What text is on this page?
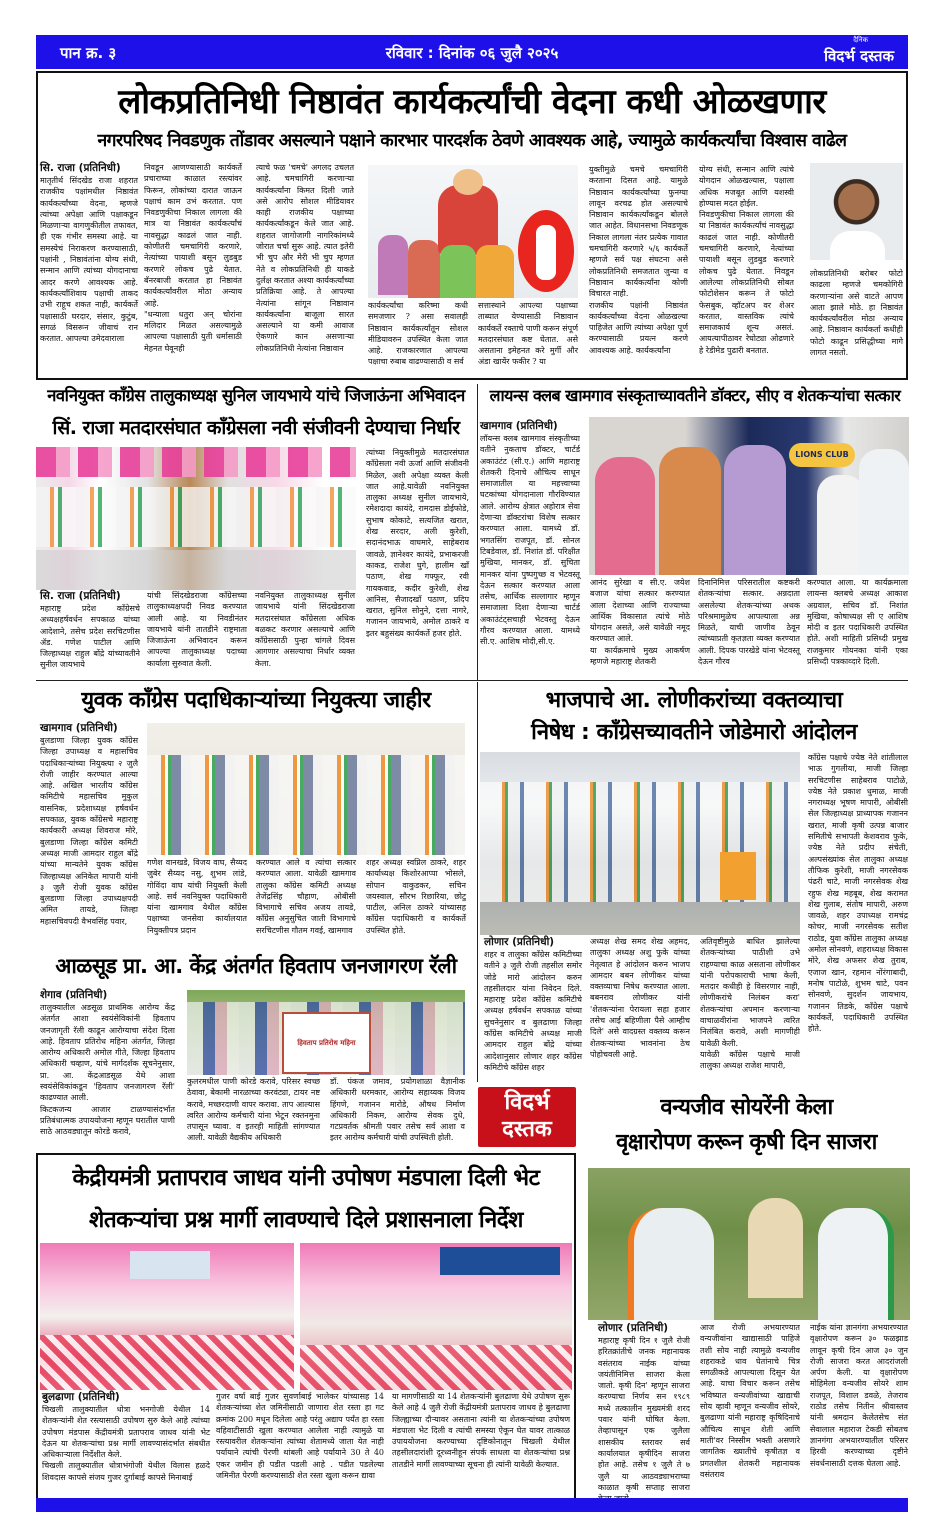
पान क्र. ३	रविवार : दिनांक ०६ जुलै २०२५
दैनिक
विदर्भ दस्तक
लोकप्रतिनिधी निष्ठावंत कार्यकर्त्यांची वेदना कधी ओळखणार
नगरपरिषद निवडणुक तोंडावर असल्याने पक्षाने कारभार पारदर्शक ठेवणे आवश्यक आहे, ज्यामुळे कार्यकर्त्यांचा विश्वास वाढेल
सि. राजा (प्रतिनिधी)
मातृतीर्थ सिंदखेड राजा शहरात राजकीय पक्षांमधील निष्ठावंत कार्यकर्त्यांच्या वेदना, म्हणजे त्यांच्या अपेक्षा आणि पक्षाकडून मिळणाऱ्या वागणुकीतील तफावत, ही एक गंभीर समस्या आहे. या समस्येचं निराकरण करण्यासाठी, पक्षांनी , निष्ठावंतांना योग्य संधी, सन्मान आणि त्यांच्या योगदानाचा आदर करणे आवश्यक आहे. कार्यकर्त्यांशिवाय पक्षाची ताकद उभी राहूच शकत नाही, कार्यकर्ते पक्षासाठी घरदार, संसार, कुटुंब, सगळं विसरून जीवाचं रान करतात. आपल्या उमेदवाराला
निवडून आणण्यासाठी कार्यकर्ते प्रचाराच्या काळात रस्त्यांवर फिरून, लोकांच्या दारात जाऊन पक्षाचं काम उभं करतात. पण निवडणुकीचा निकाल लागला की मात्र या निष्ठावंत कार्यकर्त्यांचं नावसुद्धा काढलं जात नाही. कोणीतरी चमचागिरी करणारे, नेत्यांच्या पायाशी बसून लुडबुड करणारे लोकच पुढे येतात. बॅनरबाजी करतात हा निष्ठावंत कार्यकर्त्यांवरील मोठा अन्याय आहे.
"धन्याला धतुरा अन् चोरांना मलिदार मिळत असल्यामुळे आपल्या पक्षासाठी युती धर्मासाठी मेहनत घेवूनही
त्याचे फळ 'चमचे' अगलद उचलत आहे. चमचागिरी करणाऱ्या कार्यकर्त्यांना किमत दिली जाते असे आरोप सोशल मीडियावर काही राजकीय पक्षाच्या कार्यकर्त्यांकडून केले जात आहे. शहरात जागोजागी नागरिकांमध्ये जोरात चर्चा सुरू आहे. त्यात इतेरी भी चुप और मेरी भी चुप म्हणत नेते व लोकप्रतिनिधी ही याकडे दुर्लक्ष करतात अश्या कार्यकर्त्यांच्या प्रतिक्रिया आहे. ते आपल्या नेत्यांना सांगून निष्ठावान कार्यकर्त्यांना बाजूला सारत असल्याने या कमी आवाज ऐकणारे कान असणाऱ्या लोकप्रतिनिधी नेत्यांना निष्ठावान
कार्यकर्त्यांचा करिष्मा कधी समजणार ? असा सवालही निष्ठावान कार्यकर्त्यांतून सोशल मीडियावरुन उपस्थित केला जात आहे. राजकारणात आपल्या पक्षाचा रुबाब वाढण्यासाठी व सर्व
सत्तास्थाने आपल्या पक्षाच्या ताब्यात येण्यासाठी निष्ठावान कार्यकर्ते रक्ताचे पाणी करून संपूर्ण मतदारसंघात कष्ट घेतात. असे असताना इमेहनत करे मुर्गी और अंडा खायेंर फकीर ? या
युक्तीमुळे चमचे चमचागिरी करताना दिसत आहे. यामुळे निष्ठावान कार्यकर्त्यांच्या फुनग्या लावून वरचढ होत असल्याचे निष्ठावान कार्यकर्त्यांकडून बोलले जात आहेत. विधानसभा निवडणूक निकाल लागला नंतर प्रत्येक गावात चमचागिरी करणारे ५/६ कार्यकर्ते म्हणजे सर्व पक्ष संघटना असे लोकप्रतिनिधी समजतात जुन्या व निष्ठावान कार्यकर्त्यांना कोणी विचारत नाही.
राजकीय पक्षांनी निष्ठावंत कार्यकर्त्यांच्या वेदना ओळखल्या पाहिजेत आणि त्यांच्या अपेक्षा पूर्ण करण्यासाठी प्रयत्न करणे आवश्यक आहे. कार्यकर्त्यांना
योग्य संधी, सन्मान आणि त्यांचे योगदान ओळखल्यास, पक्षाला अधिक मजबूत आणि यशस्वी होण्यास मदत होईल.
निवडणुकीचा निकाल लागला की या निष्ठावंत कार्यकर्त्यांचं नावसुद्धा काढलं जात नाही. कोणीतरी चमचागिरी करणारे, नेत्यांच्या पायाशी बसून लुडबुड करणारे लोकच पुढे येतात. निवडून आलेल्या लोकप्रतिनिधी सोबत फोटोशेसन करून ते फोटो फेसबुक, व्हॉटअप वर शेअर करतात, वास्तविक त्यांचे समाजकार्य शून्य असतं. आयत्यापीठावर रेघोट्या ओढणारे हे रेडीमेड पुढारी बनतात.
लोकप्रतिनिधी बरोबर फोटो काढला म्हणजे चमकोगिरी करणाऱ्यांना असे वाटते आपण आता झाले मोठे. हा निष्ठावंत कार्यकर्त्यांवरील मोठा अन्याय आहे. निष्ठावान कार्यकर्ता कधीही फोटो काढून प्रसिद्धीच्या मागे लागत नसतो.
नवनियुक्त काँग्रेस तालुकाध्यक्ष सुनिल जायभाये यांचे जिजाऊंना अभिवादन
सिं. राजा मतदारसंघात काँग्रेसला नवी संजीवनी देण्याचा निर्धार
सि. राजा (प्रतिनिधी)
महाराष्ट्र प्रदेश काँग्रेसचे अध्यक्षहर्षवर्धन सपकाळ यांच्या आदेशाने, तसेच प्रदेश सरचिटणीस ॲड. गणेश पाटील आणि जिल्हाध्यक्ष राहुल बोंद्रे यांच्यावतीने सुनील जायभाये
यांची सिंदखेडराजा काँग्रेसच्या तालुकाध्यक्षपदी निवड करण्यात आली आहे. या निवडीनंतर जायभाये यांनी तातडीने राष्ट्रमाता जिजाऊंना अभिवादन करून आपल्या तालुकाध्यक्ष पदाच्या कार्याला सुरुवात केली.
नवनियुक्त तालुकाध्यक्ष सुनील जायभाये यांनी सिंदखेडराजा मतदारसंघात काँग्रेसला अधिक बळकट करणार असल्याचे आणि काँग्रेससाठी पुन्हा चांगले दिवस आगणार असल्याचा निर्धार व्यक्त केला.
त्यांच्या नियुक्तीमुळे मतदारसंघात काँग्रेसला नवी ऊर्जा आणि संजीवनी मिळेल, अशी अपेक्षा व्यक्त केली जात आहे.यावेळी नवनियुक्त तालुका अध्यक्ष सुनील जायभाये, रमेशदादा कायंदे, रामदास डोईफोडे, सुभाष कोकाटे, सत्यजित खरात, शेख सरदार, अली कुरेशी, सदानंदभाऊ वाघमारे, साहेबराव जावळे, ज्ञानेश्वर कायंदे, प्रभाकरजी काकड, राजेश घुगे, हालीम खाँ पठाण, शेख गफ्फूर, रवी गायकवाड, कदीर कुरेशी, शेख आनिस, सैजादखाँ पठाण, प्रदिप खरात, सुनिल सोनुने, दत्ता नागरे, गजानन जायभाये, अमोल ठाकरे व इतर बहुसंख्य कार्यकर्ते हजर होते.
लायन्स क्लब खामगाव संस्कृताच्यावतीने डॉक्टर, सीए व शेतकऱ्यांचा सत्कार
खामगाव (प्रतिनिधी)
लॉयन्स क्लब खामगाव संस्कृतीच्या वतीने नुकताच डॉक्टर, चार्टर्ड अकाउंटंट (सी.ए.) आणि महाराष्ट्र शेतकरी दिनाचे औचित्य साधून समाजातील या महत्त्वाच्या घटकांच्या योगदानाला गौरविण्यात आले. आरोग्य क्षेत्रात अहोरात्र सेवा देणाऱ्या डॉक्टरांचा विशेष सत्कार करण्यात आला. यामध्ये डॉ. भगतसिंग राजपूत, डॉ. सोनल टिबडेवाल, डॉ. निशांत डॉ. परिक्षीत मुखिया, मानकर, डॉ. सुचिता मानकर यांना पुष्पगुच्छ व भेटवस्तू देऊन सत्कार करण्यात आला तसेच, आर्थिक सल्लागार म्हणून समाजाला दिशा देणाऱ्या चार्टर्ड अकाउंटंट्सचाही भेटवस्तु देऊन गौरव करण्यात आला. यामध्ये सी.ए. आशिष मोदी,सी.ए.
LIONS CLUB
आनंद सुरेखा व सी.ए. जयेश बजाज यांचा सत्कार करण्यात आला देशाच्या आणि राज्याच्या आर्थिक विकासात त्यांचे मोठे योगदान असते, असे यावेळी नमूद करण्यात आले.
या कार्यक्रमाचे मुख्य आकर्षण म्हणजे महाराष्ट्र शेतकरी
दिनानिमित्त परिसरातील कष्टकरी शेतकऱ्यांचा सत्कार. अन्नदाता असलेल्या शेतकऱ्यांच्या अथक परिश्रमामुळेच आपल्याला अन्न मिळते, याची जाणीव ठेवून त्यांच्याप्रती कृतज्ञता व्यक्त करण्यात आली. दिपक पारखेडे यांना भेटवस्तू देऊन गौरव
करण्यात आला. या कार्यक्रमाला लायन्स क्लबचे अध्यक्ष आकाश अग्रवाल, सचिव डॉ. निशांत मुखिया, कोषाध्यक्ष सी ए आशिष मोदी व इतर पदाधिकारी उपस्थित होते. अशी माहिती प्रसिध्दी प्रमुख राजकुमार गोयनका यांनी एका प्रसिध्दी पत्रकाव्दारे दिली.
युवक काँग्रेस पदाधिकाऱ्यांच्या नियुक्त्या जाहीर
खामगाव (प्रतिनिधी)
बुलडाणा जिल्हा युवक काँग्रेस जिल्हा उपाध्यक्ष व महासचिव पदाधिकाऱ्यांच्या नियुक्त्या २ जुलै रोजी जाहीर करण्यात आल्या आहे. अखिल भारतीय काँग्रेस कमिटीचे महासचिव मुकुल वासनिक, प्रदेशाध्यक्ष हर्षवर्धन सपकाळ, युवक काँग्रेसचे महाराष्ट्र कार्यकारी अध्यक्ष शिवराज मोरे, बुलडाणा जिल्हा काँग्रेस कमिटी अध्यक्ष माजी आमदार राहुल बोंद्रे यांच्या मान्यतेने युवक काँग्रेस जिल्हाध्यक्ष अनिकेत मापारी यांनी ३ जुलै रोजी युवक काँग्रेस बुलडाणा जिल्हा उपाध्यक्षपदी अमित तायडे, जिल्हा महासचिवपदी वैभवसिंह पवार,
गणेश वानखडे, विजय वाघ, सैय्यद जुबेर सैय्यद नसु, शुभम लांडे, गोविंदा वाघ यांची नियुक्ती केली आहे. सर्व नवनियुक्त पदाधिकारी यांना खामगाव येथील काँग्रेस पक्षाच्या जनसेवा कार्यालयात नियुक्तीपत्र प्रदान
करण्यात आले व त्यांचा सत्कार करण्यात आला. यावेळी खामगाव तालुका काँग्रेस कमिटी अध्यक्ष तेजेंद्रसिंह चौहाण, ओबीसी विभागाचे सचिव अजय तायडे, काँग्रेस अनुसुचित जाती विभागाचे सरचिटणीस गौतम गवई, खामगाव
शहर अध्यक्ष स्वप्निल ठाकरे, शहर कार्याध्यक्ष किशोरआप्पा भोसले, सोपान वाकुडकर, सचिन जयस्वाल, सौरभ रिछारिया, छोटु पाटील, अनिल ठाकरे यांच्यासह काँग्रेस पदाधिकारी व कार्यकर्ते उपस्थित होते.
भाजपाचे आ. लोणीकरांच्या वक्तव्याचा
निषेध : काँग्रेसच्यावतीने जोडेमारो आंदोलन
लोणार (प्रतिनिधी)
शहर व तालुका काँग्रेस कमिटीच्या वतीने ३ जुलै रोजी तहसील समोर जोडे मारो आंदोलन करुन तहसीलदार यांना निवेदन दिले. महाराष्ट्र प्रदेश काँग्रेस कमिटीचे अध्यक्ष हर्षवर्धन सपकाळ यांच्या सुचनेनुसार व बुलढाणा जिल्हा काँग्रेस कमिटीचे अध्यक्ष माजी आमदार राहुल बोंद्रे यांच्या आदेशानुसार लोणार शहर काँग्रेस कमिटीचे काँग्रेस शहर
अध्यक्ष शेख समद शेख अहमद, तालुका अध्यक्ष अशु फुके यांच्या नेतृत्वात हे आंदोलन करुन भाजप आमदार बबन लोणीकर यांच्या वक्तव्याचा निषेध करण्यात आला. बबनराव लोणीकर यांनी 'शेतकऱ्यांना पेरायला सहा हजार तसेच आई बहिणीला पैसे आम्हीच दिले' असे वादग्रस्त वक्तव्य करून शेतकऱ्यांच्या भावनांना ठेच पोहोचवली आहे.
अतिवृष्टीमुळे बाधित झालेल्या शेतकऱ्यांच्या पाठीशी उभे राहण्याचा काळ असताना लोणीकर यांनी परोपकाराची भाषा केली, मतदार कधीही हे विसरणार नाही, लोणीकरांचे निलंबन करा' शेतकऱ्यांचा अपमान करणाऱ्या वाचाळवीरांना भाजपने त्वरित निलंबित करावे, अशी मागणीही यावेळी केली.
यावेळी काँग्रेस पक्षाचे माजी तालुका अध्यक्ष राजेश मापारी,
काँग्रेस पक्षाचे ज्येष्ठ नेते शांतीलाल भाऊ गुगलीया, माजी जिल्हा सरचिटणीस साहेबराव पाटोळे, ज्येष्ठ नेते प्रकाश धुमाळ, माजी नगराध्यक्ष भूषण मापारी, ओबीसी सेल जिल्हाध्यक्ष प्राध्यापक गजानन खरात, माजी कृषी उत्पन्न बाजार समितीचे सभापती केशवराव फुके, ज्येष्ठ नेते प्रदीप संचेती, अल्पसंख्यांक सेल तालुका अध्यक्ष तौफिक कुरेशी, माजी नगरसेवक पंढरी चाटे, माजी नगरसेवक शेख रहुफ शेख महबूब, शेख करामत शेख गुलाब, संतोष मापारी, अरुण जावळे, शहर उपाध्यक्ष रामचंद्र कोचर, माजी नगरसेवक सतीश राठोड, युवा काँग्रेस तालुका अध्यक्ष अमोल सोनवणे, शहराध्यक्ष विकास मोरे, शेख अफसर शेख तुराब, एजाज खान, रहमान नोंरंगाबादी, मनोष पाटोळे, शुभम चाटे, पवन सोनवणे, सुदर्शन जायभाय, गजानन तिडके, काँग्रेस पक्षाचे कार्यकर्ते, पदाधिकारी उपस्थित होते.
आळसूड प्रा. आ. केंद्र अंतर्गत हिवताप जनजागरण रॅली
शेगाव (प्रतिनिधी)
तालुक्यातील अडसूळ प्राथमिक आरोग्य केंद्र अंतर्गत आशा स्वयंसेविकांनी हिवताप जनजागृती रॅली काढून आरोग्याचा संदेश दिला आहे. हिवताप प्रतिरोध महिना अंतर्गत, जिल्हा आरोग्य अधिकारी अमोल गीते, जिल्हा हिवताप अधिकारी चव्हाण, यांचे मार्गदर्शक सूचनेनुसार, प्रा. आ. केंद्रआडसूळ येथे आशा स्वयंसेविकांकडून 'हिवताप जनजागरण रॅली' काढण्यात आली.
किटकजन्य आजार टाळण्यासंदर्भात प्रतिबंधात्मक उपाययोजना म्हणून घरातील पाणी साठे आठवड्यातून कोरडे करावे,
हिवताप प्रतिरोध महिना
कुलरमधील पाणी कोरडे करावे, परिसर स्वच्छ ठेवावा, बेकामी नारळाच्या करवंट्या, टायर नष्ट करावे, मच्छरदाणी वापर करावा. ताप आल्यास त्वरित आरोग्य कर्मचारी यांना भेटून रक्तनमुना तपासून घ्यावा. व इतरही माहिती सांगण्यात आली. यावेळी वैद्यकीय अधिकारी
डॉ. पंकज जमाव, प्रयोगशाळा वैज्ञानीक अधिकारी धरमकार, आरोग्य सहाय्यक विजय हिंगणे, गजानन मारोडे, औषध निर्माण अधिकारी निकम, आरोग्य सेवक दुधे, गटप्रवर्तक श्रीमती पवार तसेच सर्व आशा व इतर आरोग्य कर्मचारी यांची उपस्थिती होती.
विदर्भ
दस्तक
वन्यजीव सोयरेंनी केला
वृक्षारोपण करून कृषी दिन साजरा
लोणार (प्रतिनिधी)
महाराष्ट्र कृषी दिन १ जुलै रोजी हरितक्रांतीचे जनक महानायक वसंतराव नाईक यांच्या जयंतीनिमित्त साजरा केला जातो. कृषी दिन' म्हणून साजरा करण्याचा निर्णय सन १९८९ मध्ये तत्कालीन मुख्यमंत्री शरद पवार यांनी घोषित केला. तेव्हापासून एक जुलैला शासकीय स्तरावर सर्व कार्यालयात कृषीदिन साजरा होत आहे. तसेच १ जुलै ते ७ जुलै या आठवड्याभराच्या काळात कृषी सप्ताह साजरा
आज रोजी अभयारण्यात वन्यजीवांना खाद्यासाठी पाहिजे तशी सोय नाही त्यामुळे वन्यजीव शहराकडे धाव घेतांनाचे चित्र सगळीकडे आपल्याला दिसून येत आहे. याचा विचार करून तसेच भविष्यात वन्यजीवांच्या खाद्याची सोय व्हावी म्हणून वन्यजीव सोयरे, बुलढाणा यांनी महाराष्ट्र कृषिदिनाचे औचित्य साधून शेती आणि माती'वर निस्सीम भक्ती असणारे जागतिक ख्यातीचे कृषीतज्ञ व प्रगतशील शेतकरी महानायक वसंतराव
नाईक यांना ज्ञानगंगा अभयारण्यात वृक्षारोपण करून ३० फळझाड लावून कृषी दिन आज ३० जुन रोजी साजरा करत आदरांजली अर्पण केली. या वृक्षारोपण मोहिमेला वन्यजीव सोयरे शाम राजपूत, विशाल डवळे, तेजराव राठोड तसेच नितीन श्रीवास्तव यांनी श्रमदान केलेतसेच संत सेवालाल महाराज टेकडी सोबतच ज्ञानगंगा अभयारण्यातील परिसर हिरवी करण्याच्या दृष्टीने संवर्धनासाठी दत्तक घेतला आहे.
केद्रीयमंत्री प्रतापराव जाधव यांनी उपोषण मंडपाला दिली भेट
शेतकऱ्यांचा प्रश्न मार्गी लावण्याचे दिले प्रशासनाला निर्देश
बुलढाणा (प्रतिनिधी)
चिखली तालुक्यातील धोत्रा भनगोजी येथील 14 शेतकऱ्यांनी शेत रस्त्यासाठी उपोषण सुरु केले आहे त्यांच्या उपोषण मंडपास केंद्रीयमंत्री प्रतापराव जाधव यांनी भेट देऊन या शेतकऱ्यांचा प्रश्न मार्गी लावण्यासंदर्भात संबधीत अधिकाऱ्याला निर्देशीत केले.
चिखली तालुक्यातील धोत्राभंगोजी येथील विलास हळदे शिवदास कापसे संजय गुजर दुर्गाबाई कापसे मिनाबाई
गुजर वर्षा बाई गुजर सुवर्णाबाई भालेकर यांच्यासह 14 शेतकऱ्यांच्या शेत जमिनीसाठी जाणारा शेत रस्ता हा गट क्रमांक 200 मधून दिलेला आहे परंतु अद्याप पर्यंत हा रस्ता वहिवाटीसाठी खुला करण्यात आलेला नाही त्यामुळे या रस्त्यावरील शेतकऱ्यांना त्यांच्या शेतामध्ये जाता येत नाही पर्यायाने त्यांची पेरणी थांबली आहे पर्यायाने 30 ते 40 एकर जमीन ही पडीत पडली आहे . पडीत पडलेल्या जमिनीत पेरणी करण्यासाठी शेत रस्ता खुला करून द्यावा
या मागणीसाठी या 14 शेतकऱ्यांनी बुलढाणा येथे उपोषण सुरू केले आहे 4 जुलै रोजी केंद्रीयमंत्री प्रतापराव जाधव हे बुलढाणा जिल्ह्याच्या दौऱ्यावर असताना त्यांनी या शेतकऱ्यांच्या उपोषण मंडपाला भेट दिली व त्यांची समस्या ऐकून घेत यावर तात्काळ उपाययोजना करण्याच्या दृष्टिकोनातून चिखली येथील तहसीलदारांशी दूरध्वनीहून संपर्क साधला या शेतकऱ्यांचा प्रश्न तातडीने मार्गी लावण्याच्या सूचना ही त्यांनी यावेळी केल्यात.
